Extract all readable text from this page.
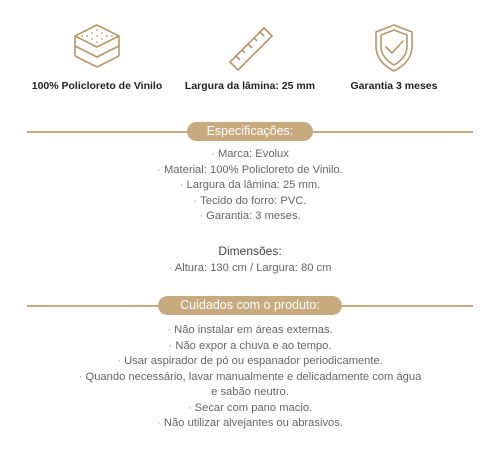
100% Policloreto de Vinilo	Largura da lâmina: 25 mm	Garantia 3 meses
Especificações:
· Marca: Evolux
· Material: 100% Policloreto de Vinilo.
· Largura da lâmina: 25 mm.
· Tecido do forro: PVC.
· Garantia: 3 meses.
Dimensões:
· Altura: 130 cm / Largura: 80 cm
Cuidados com o produto:
· Não instalar em áreas externas.
· Não expor a chuva e ao tempo.
· Usar aspirador de pó ou espanador periodicamente.
· Quando necessário, lavar manualmente e delicadamente com água
e sabão neutro.
· Secar com pano macio.
· Não utilizar alvejantes ou abrasivos.
